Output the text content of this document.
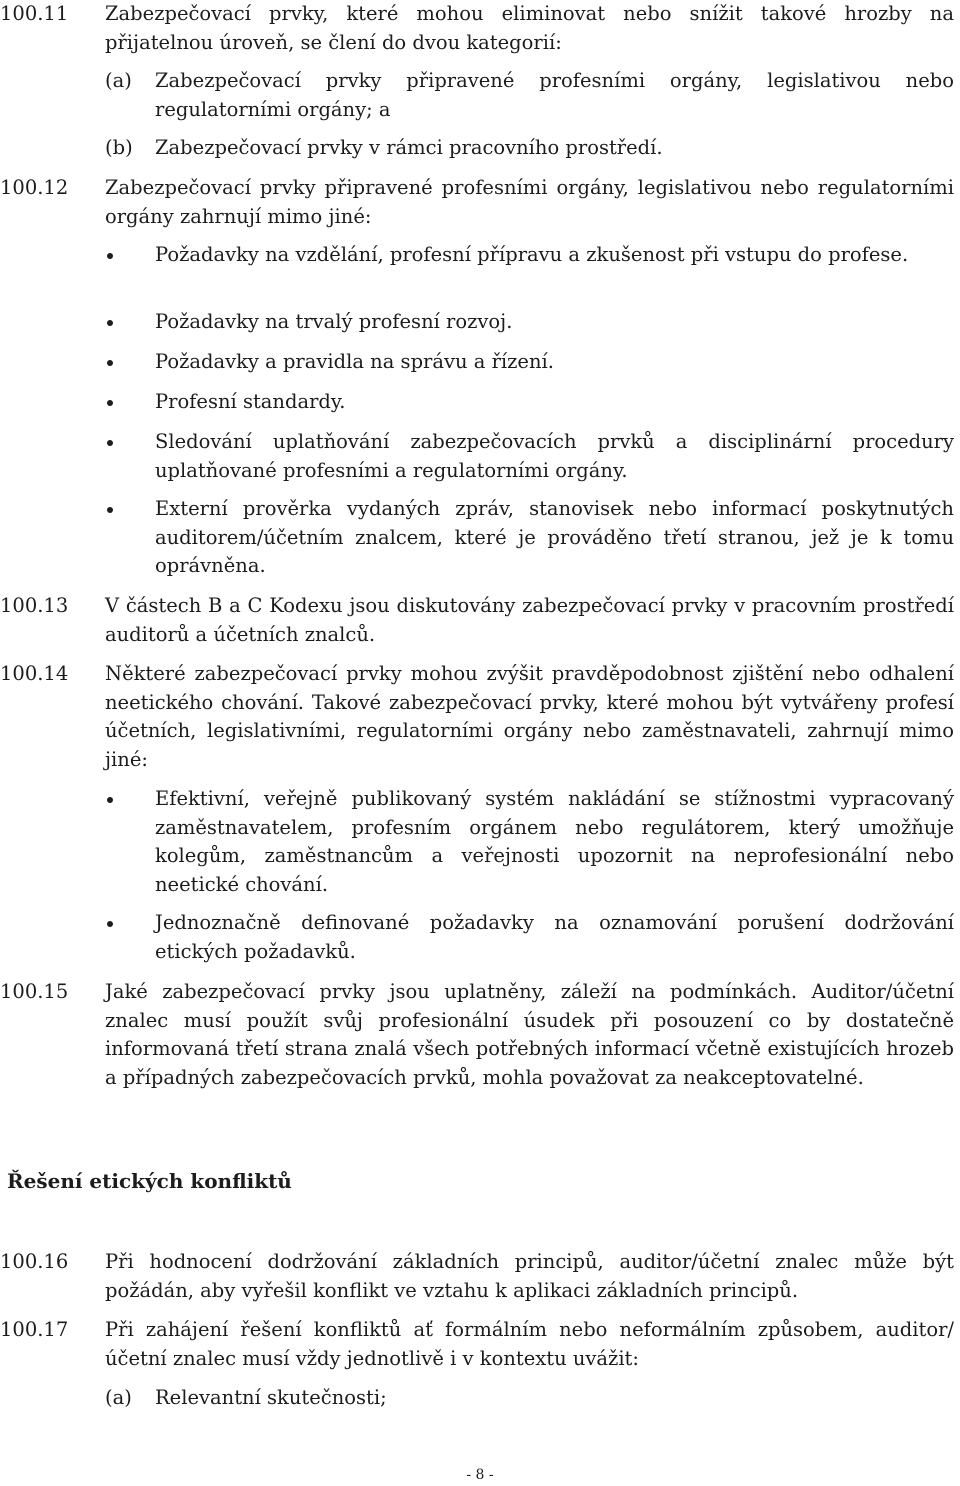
100.11	Zabezpečovací prvky, které mohou eliminovat nebo snížit takové hrozby na přijatelnou úroveň, se člení do dvou kategorií:
(a) Zabezpečovací prvky připravené profesními orgány, legislativou nebo regulatorními orgány; a
(b) Zabezpečovací prvky v rámci pracovního prostředí.
100.12	Zabezpečovací prvky připravené profesními orgány, legislativou nebo regulatorními orgány zahrnují mimo jiné:
Požadavky na vzdělání, profesní přípravu a zkušenost při vstupu do profese.
Požadavky na trvalý profesní rozvoj.
Požadavky a pravidla na správu a řízení.
Profesní standardy.
Sledování uplatňování zabezpečovacích prvků a disciplinární procedury uplatňované profesními a regulatorními orgány.
Externí prověrka vydaných zpráv, stanovisek nebo informací poskytnutých auditorem/účetním znalcem, které je prováděno třetí stranou, jež je k tomu oprávněna.
100.13	V částech B a C Kodexu jsou diskutovány zabezpečovací prvky v pracovním prostředí auditorů a účetních znalců.
100.14	Některé zabezpečovací prvky mohou zvýšit pravděpodobnost zjištění nebo odhalení neetického chování. Takové zabezpečovací prvky, které mohou být vytvářeny profesí účetních, legislativními, regulatorními orgány nebo zaměstnavateli, zahrnují mimo jiné:
Efektivní, veřejně publikovaný systém nakládání se stížnostmi vypracovaný zaměstnavatelem, profesním orgánem nebo regulátorem, který umožňuje kolegům, zaměstnancům a veřejnosti upozornit na neprofesionální nebo neetické chování.
Jednoznačně definované požadavky na oznamování porušení dodržování etických požadavků.
100.15	Jaké zabezpečovací prvky jsou uplatněny, záleží na podmínkách. Auditor/účetní znalec musí použít svůj profesionální úsudek při posouzení co by dostatečně informovaná třetí strana znalá všech potřebných informací včetně existujících hrozeb a případných zabezpečovacích prvků, mohla považovat za neakceptovatelné.
Řešení etických konfliktů
100.16	Při hodnocení dodržování základních principů, auditor/účetní znalec může být požádán, aby vyřešil konflikt ve vztahu k aplikaci základních principů.
100.17	Při zahájení řešení konfliktů ať formálním nebo neformálním způsobem, auditor/účetní znalec musí vždy jednotlivě i v kontextu uvážit:
(a) Relevantní skutečnosti;
- 8 -
